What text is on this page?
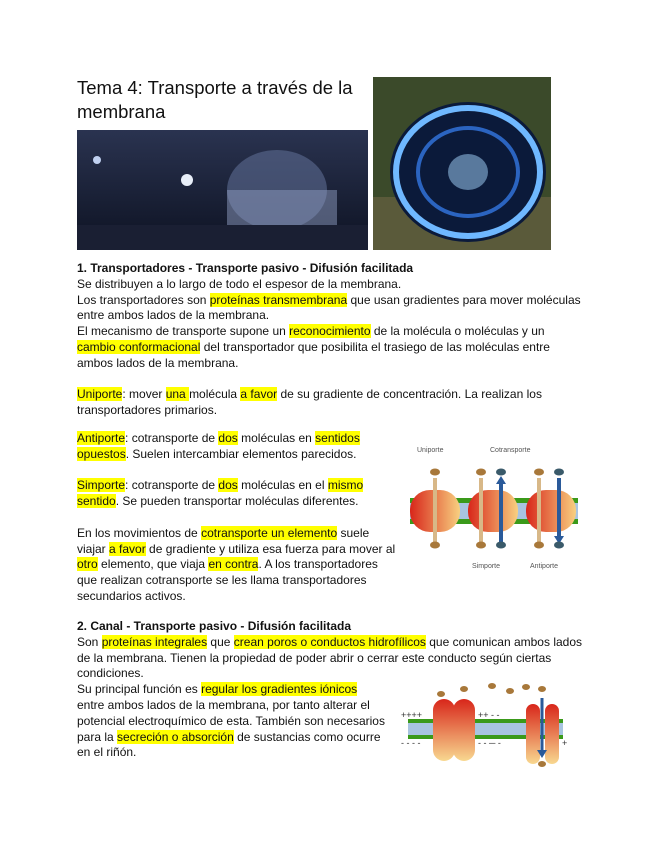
Tema 4: Transporte a través de la membrana
1. Transportadores - Transporte pasivo - Difusión facilitada

Se distribuyen a lo largo de todo el espesor de la membrana.

Los transportadores son proteínas transmembrana que usan gradientes para mover moléculas entre ambos lados de la membrana.

El mecanismo de transporte supone un reconocimiento de la molécula o moléculas y un cambio conformacional del transportador que posibilita el trasiego de las moléculas entre ambos lados de la membrana.

Uniporte: mover una molécula a favor de su gradiente de concentración. La realizan los transportadores primarios.

Antiporte: cotransporte de dos moléculas en sentidos opuestos. Suelen intercambiar elementos parecidos.

Simporte: cotransporte de dos moléculas en el mismo sentido. Se pueden transportar moléculas diferentes.

En los movimientos de cotransporte un elemento suele viajar a favor de gradiente y utiliza esa fuerza para mover al otro elemento, que viaja en contra. A los transportadores que realizan cotransporte se les llama transportadores secundarios activos.

Uniporte	Cotransporte
Simporte	Antiporte
2. Canal - Transporte pasivo - Difusión facilitada

Son proteínas integrales que crean poros o conductos hidrofílicos que comunican ambos lados de la membrana. Tienen la propiedad de poder abrir o cerrar este conducto según ciertas condiciones.

Su principal función es regular los gradientes iónicos entre ambos lados de la membrana, por tanto alterar el potencial electroquímico de esta. También son necesarios para la secreción o absorción de sustancias como ocurre en el riñón.

++++	++ - -
- - - -	- - ─ -	+
